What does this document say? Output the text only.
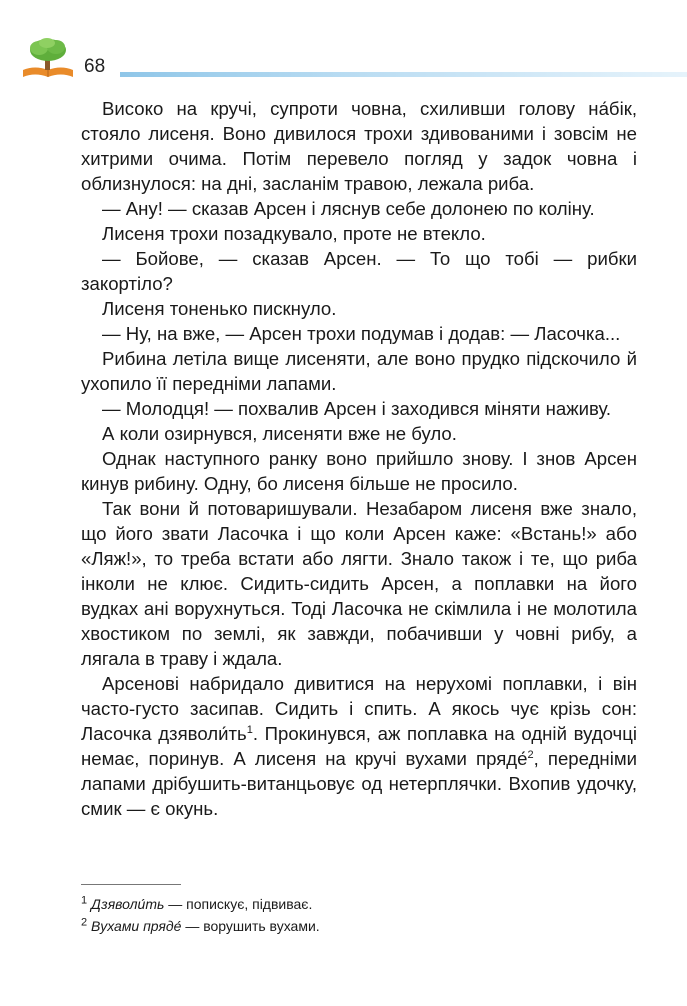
68

Високо на кручі, супроти човна, схиливши голову на́бік, стояло лисеня. Воно дивилося трохи здивованими і зовсім не хитрими очима. Потім перевело погляд у задок човна і облизнулося: на дні, засланім травою, лежала риба.

— Ану! — сказав Арсен і ляснув себе долонею по коліну.

Лисеня трохи позадкувало, проте не втекло.

— Бойове, — сказав Арсен. — То що тобі — рибки закортіло?

Лисеня тоненько пискнуло.

— Ну, на вже, — Арсен трохи подумав і додав: — Ласочка...

Рибина летіла вище лисеняти, але воно прудко підскочило й ухопило її передніми лапами.

— Молодця! — похвалив Арсен і заходився міняти наживу.

А коли озирнувся, лисеняти вже не було.

Однак наступного ранку воно прийшло знову. І знов Арсен кинув рибину. Одну, бо лисеня більше не просило.

Так вони й потоваришували. Незабаром лисеня вже знало, що його звати Ласочка і що коли Арсен каже: «Встань!» або «Ляж!», то треба встати або лягти. Знало також і те, що риба інколи не клює. Сидить-сидить Арсен, а поплавки на його вудках ані ворухнуться. Тоді Ласочка не скімлила і не молотила хвостиком по землі, як завжди, побачивши у човні рибу, а лягала в траву і ждала.

Арсенові набридало дивитися на нерухомі поплавки, і він часто-густо засипав. Сидить і спить. А якось чує крізь сон: Ласочка $дзяволи́ть^1$. Прокинувся, аж поплавка на одній вудочці немає, поринув. А лисеня на кручі вухами пряде́$^2$, передніми лапами дрібушить-витанцьовує од нетерплячки. Вхопив удочку, смик — є окунь.

$^1$ Дзяволи́ть — попискує, підвиває.

$^2$ Вухами пряде́ — ворушить вухами.
